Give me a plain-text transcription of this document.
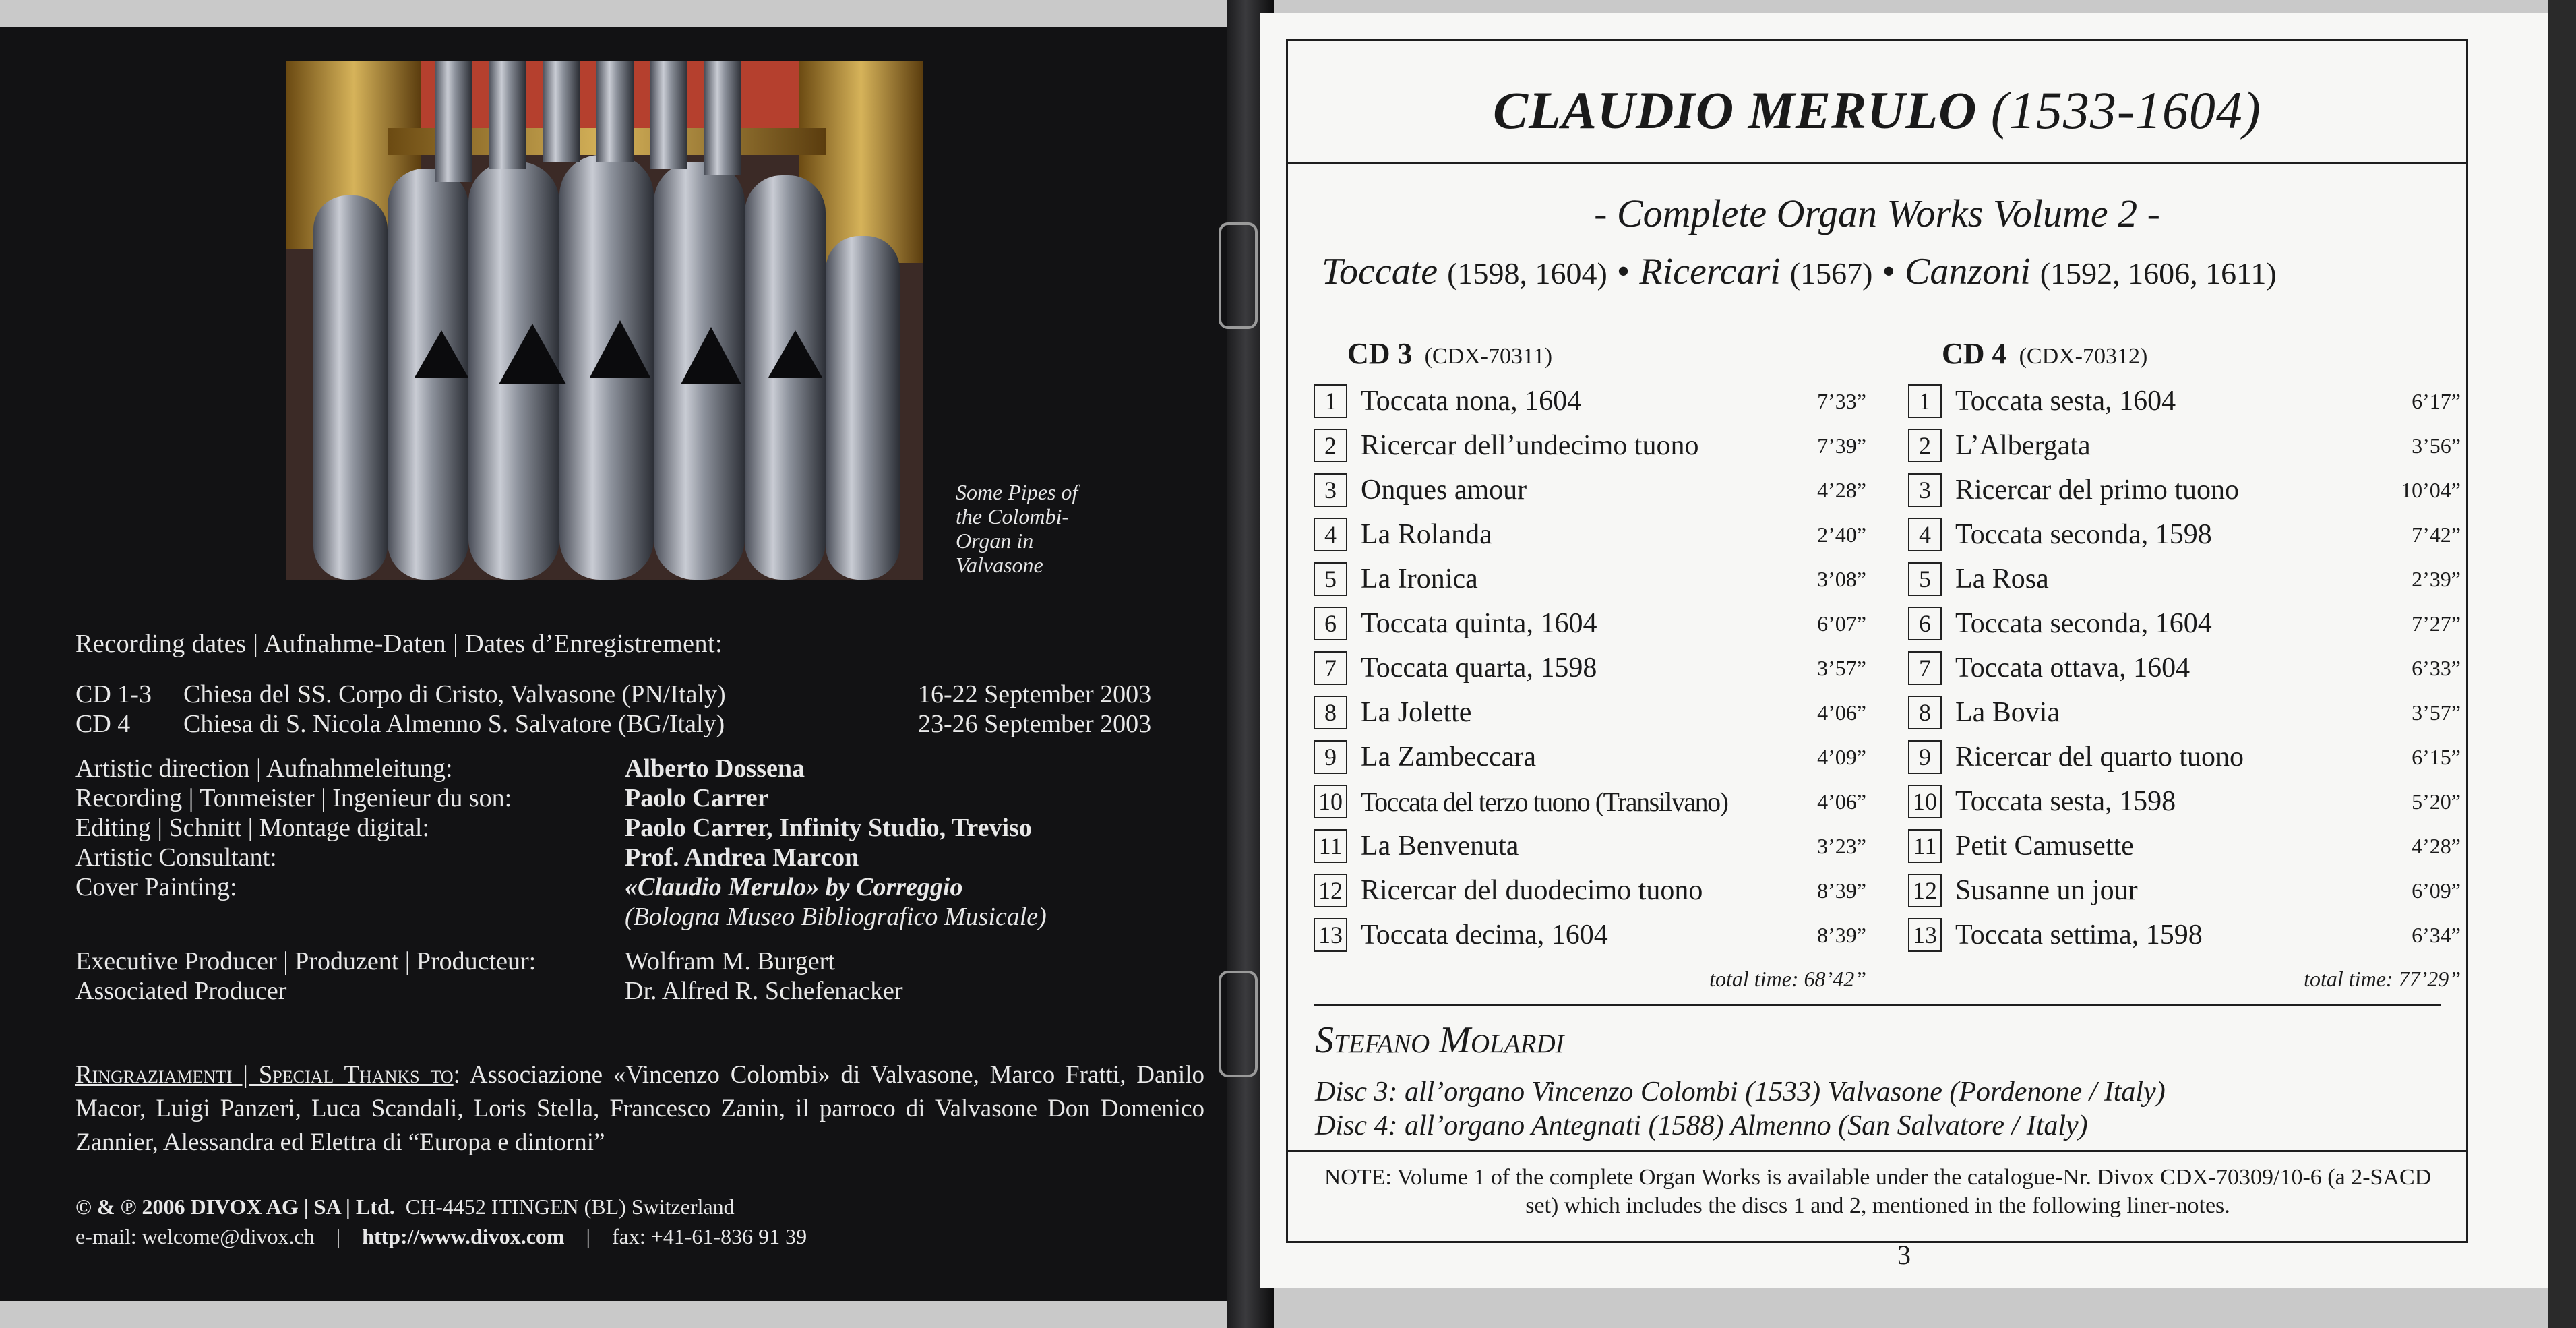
Some Pipes of
the Colombi-
Organ in
Valvasone
Recording dates | Aufnahme-Daten | Dates d’Enregistrement:
CD 1-3	Chiesa del SS. Corpo di Cristo, Valvasone (PN/Italy)	16-22 September 2003
CD 4	Chiesa di S. Nicola Almenno S. Salvatore (BG/Italy)	23-26 September 2003
Artistic direction | Aufnahmeleitung:	Alberto Dossena
Recording | Tonmeister | Ingenieur du son:	Paolo Carrer
Editing | Schnitt | Montage digital:	Paolo Carrer, Infinity Studio, Treviso
Artistic Consultant:	Prof. Andrea Marcon
Cover Painting:	«Claudio Merulo» by Correggio
(Bologna Museo Bibliografico Musicale)
Executive Producer | Produzent | Producteur:	Wolfram M. Burgert
Associated Producer	Dr. Alfred R. Schefenacker
Ringraziamenti | Special Thanks to: Associazione «Vincenzo Colombi» di Valvasone, Marco Fratti, Danilo Macor, Luigi Panzeri, Luca Scandali, Loris Stella, Francesco Zanin, il parroco di Valvasone Don Domenico Zannier, Alessandra ed Elettra di “Europa e dintorni”
© & ℗ 2006 DIVOX AG | SA | Ltd. CH-4452 ITINGEN (BL) Switzerland
e-mail: welcome@divox.ch    |    http://www.divox.com    |    fax: +41-61-836 91 39
CLAUDIO MERULO (1533-1604)
- Complete Organ Works Volume 2 -
Toccate (1598, 1604) • Ricercari (1567) • Canzoni (1592, 1606, 1611)
CD 3 (CDX-70311)
1 Toccata nona, 1604	7’33”
2 Ricercar dell’undecimo tuono	7’39”
3 Onques amour	4’28”
4 La Rolanda	2’40”
5 La Ironica	3’08”
6 Toccata quinta, 1604	6’07”
7 Toccata quarta, 1598	3’57”
8 La Jolette	4’06”
9 La Zambeccara	4’09”
10 Toccata del terzo tuono (Transilvano)	4’06”
11 La Benvenuta	3’23”
12 Ricercar del duodecimo tuono	8’39”
13 Toccata decima, 1604	8’39”
total time: 68’42”
CD 4 (CDX-70312)
1 Toccata sesta, 1604	6’17”
2 L’Albergata	3’56”
3 Ricercar del primo tuono	10’04”
4 Toccata seconda, 1598	7’42”
5 La Rosa	2’39”
6 Toccata seconda, 1604	7’27”
7 Toccata ottava, 1604	6’33”
8 La Bovia	3’57”
9 Ricercar del quarto tuono	6’15”
10 Toccata sesta, 1598	5’20”
11 Petit Camusette	4’28”
12 Susanne un jour	6’09”
13 Toccata settima, 1598	6’34”
total time: 77’29”
Stefano Molardi
Disc 3: all’organo Vincenzo Colombi (1533) Valvasone (Pordenone / Italy)
Disc 4: all’organo Antegnati (1588) Almenno (San Salvatore / Italy)
NOTE: Volume 1 of the complete Organ Works is available under the catalogue-Nr. Divox CDX-70309/10-6 (a 2-SACD set) which includes the discs 1 and 2, mentioned in the following liner-notes.
3
